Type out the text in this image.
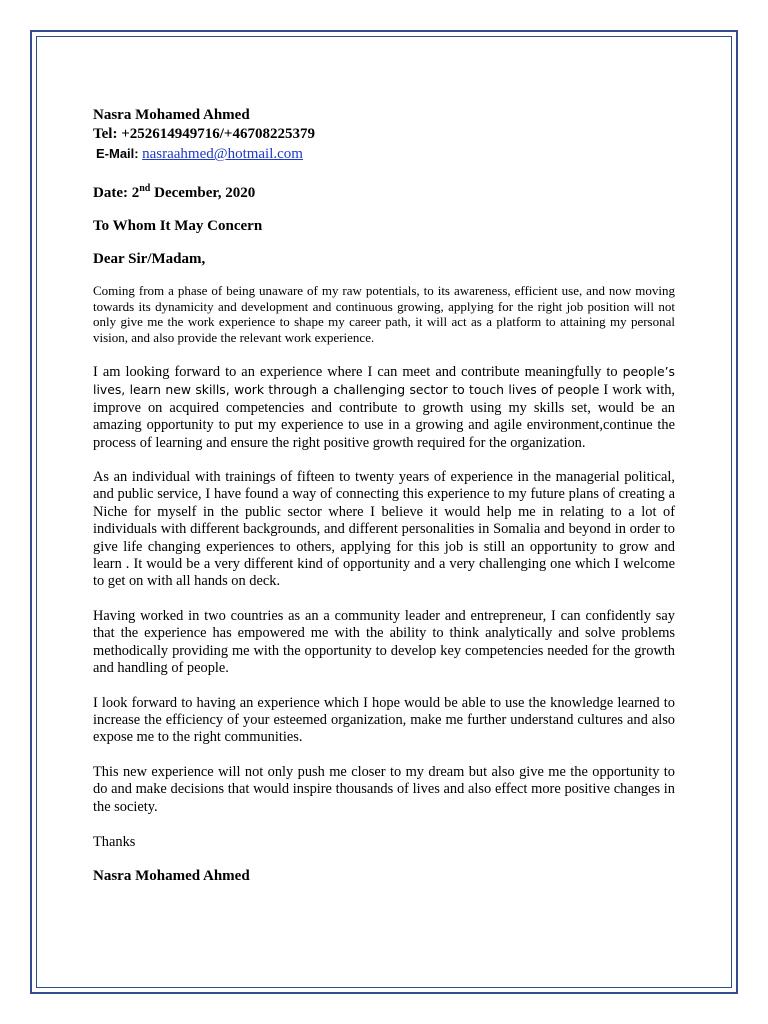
Nasra Mohamed Ahmed
Tel: +252614949716/+46708225379
E-Mail: nasraahmed@hotmail.com
Date: 2nd December, 2020
To Whom It May Concern
Dear Sir/Madam,

Coming from a phase of being unaware of my raw potentials, to its awareness, efficient use, and now moving towards its dynamicity and development and continuous growing, applying for the right job position will not only give me the work experience to shape my career path, it will act as a platform to attaining my personal vision, and also provide the relevant work experience.

I am looking forward to an experience where I can meet and contribute meaningfully to people’s lives, learn new skills, work through a challenging sector to touch lives of people I work with, improve on acquired competencies and contribute to growth using my skills set, would be an amazing opportunity to put my experience to use in a growing and agile environment,continue the process of learning and ensure the right positive growth required for the organization.

As an individual with trainings of fifteen to twenty years of experience in the managerial political, and public service, I have found a way of connecting this experience to my future plans of creating a Niche for myself in the public sector where I believe it would help me in relating to a lot of individuals with different backgrounds, and different personalities in Somalia and beyond in order to give life changing experiences to others, applying for this job is still an opportunity to grow and learn . It would be a very different kind of opportunity and a very challenging one which I welcome to get on with all hands on deck.

Having worked in two countries as an a community leader and entrepreneur, I can confidently say that the experience has empowered me with the ability to think analytically and solve problems methodically providing me with the opportunity to develop key competencies needed for the growth and handling of people.

I look forward to having an experience which I hope would be able to use the knowledge learned to increase the efficiency of your esteemed organization, make me further understand cultures and also expose me to the right communities.

This new experience will not only push me closer to my dream but also give me the opportunity to do and make decisions that would inspire thousands of lives and also effect more positive changes in the society.

Thanks
Nasra Mohamed Ahmed
